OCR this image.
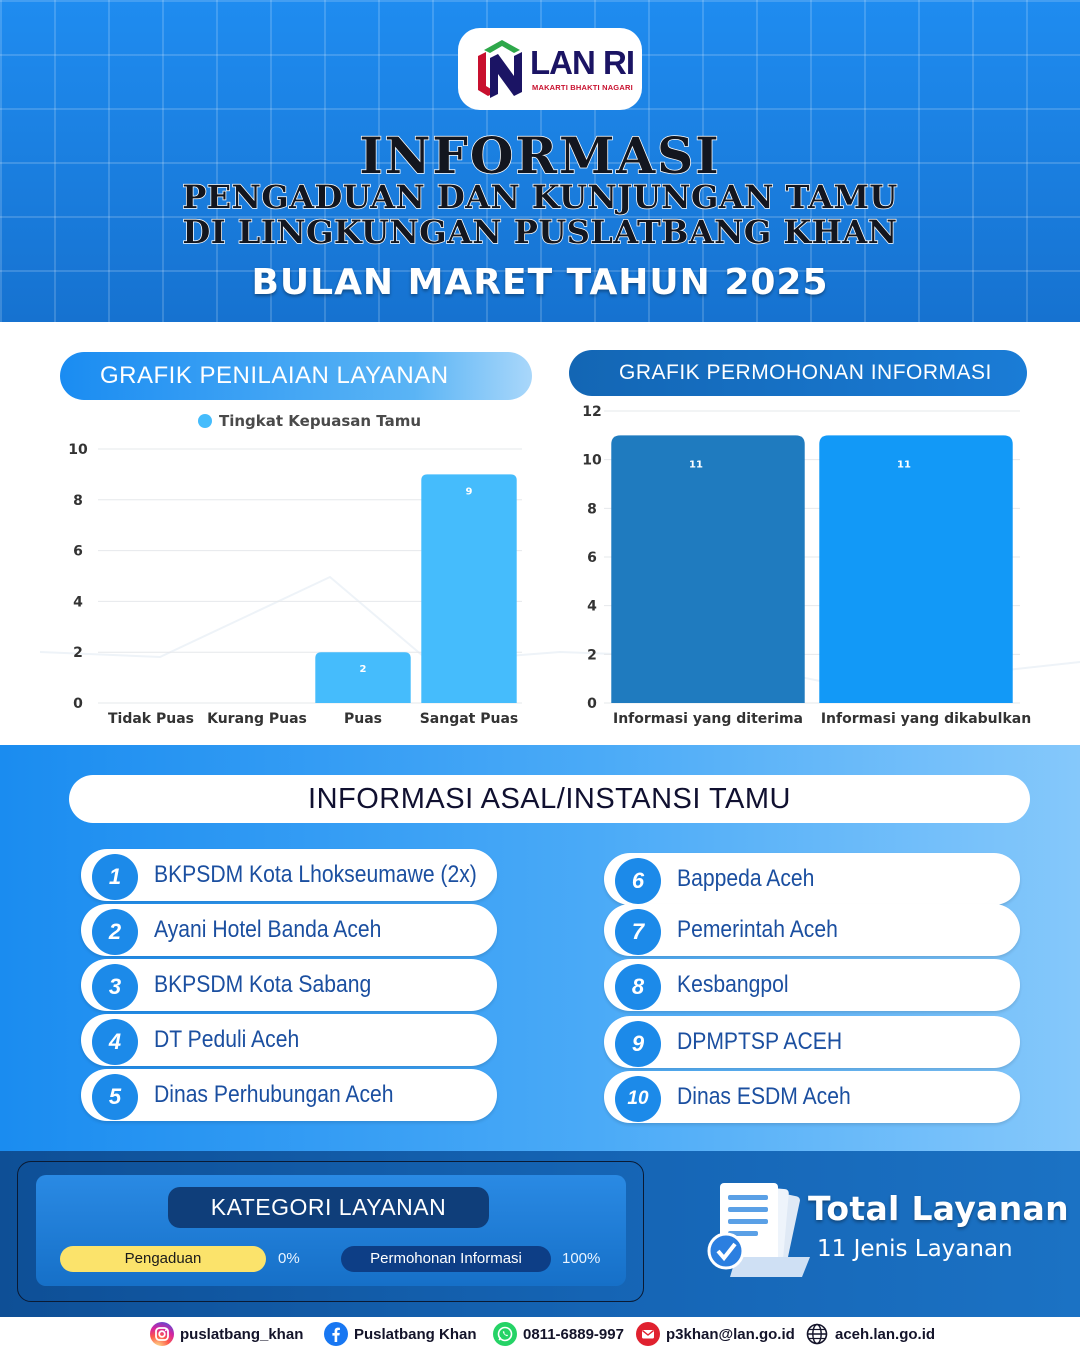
LAN RI
MAKARTI BHAKTI NAGARI
INFORMASI
PENGADUAN DAN KUNJUNGAN TAMU
DI LINGKUNGAN PUSLATBANG KHAN
BULAN MARET TAHUN 2025
Tingkat Kepuasan Tamu
0
2
4
6
8
10
Tidak Puas Kurang Puas
2
Puas
9
Sangat Puas
0
2
4
6
8
10
12
11
Informasi yang diterima
11
Informasi yang dikabulkan
GRAFIK PENILAIAN LAYANAN	GRAFIK PERMOHONAN INFORMASI
INFORMASI ASAL/INSTANSI TAMU
1	BKPSDM Kota Lhokseumawe (2x)
2	Ayani Hotel Banda Aceh
3	BKPSDM Kota Sabang
4	DT Peduli Aceh
5	Dinas Perhubungan Aceh
6	Bappeda Aceh
7	Pemerintah Aceh
8	Kesbangpol
9	DPMPTSP ACEH
10	Dinas ESDM Aceh
KATEGORI LAYANAN
Pengaduan	0%	Permohonan Informasi	100%
Total Layanan
11 Jenis Layanan
puslatbang_khan	Puslatbang Khan	0811-6889-997	p3khan@lan.go.id	aceh.lan.go.id
